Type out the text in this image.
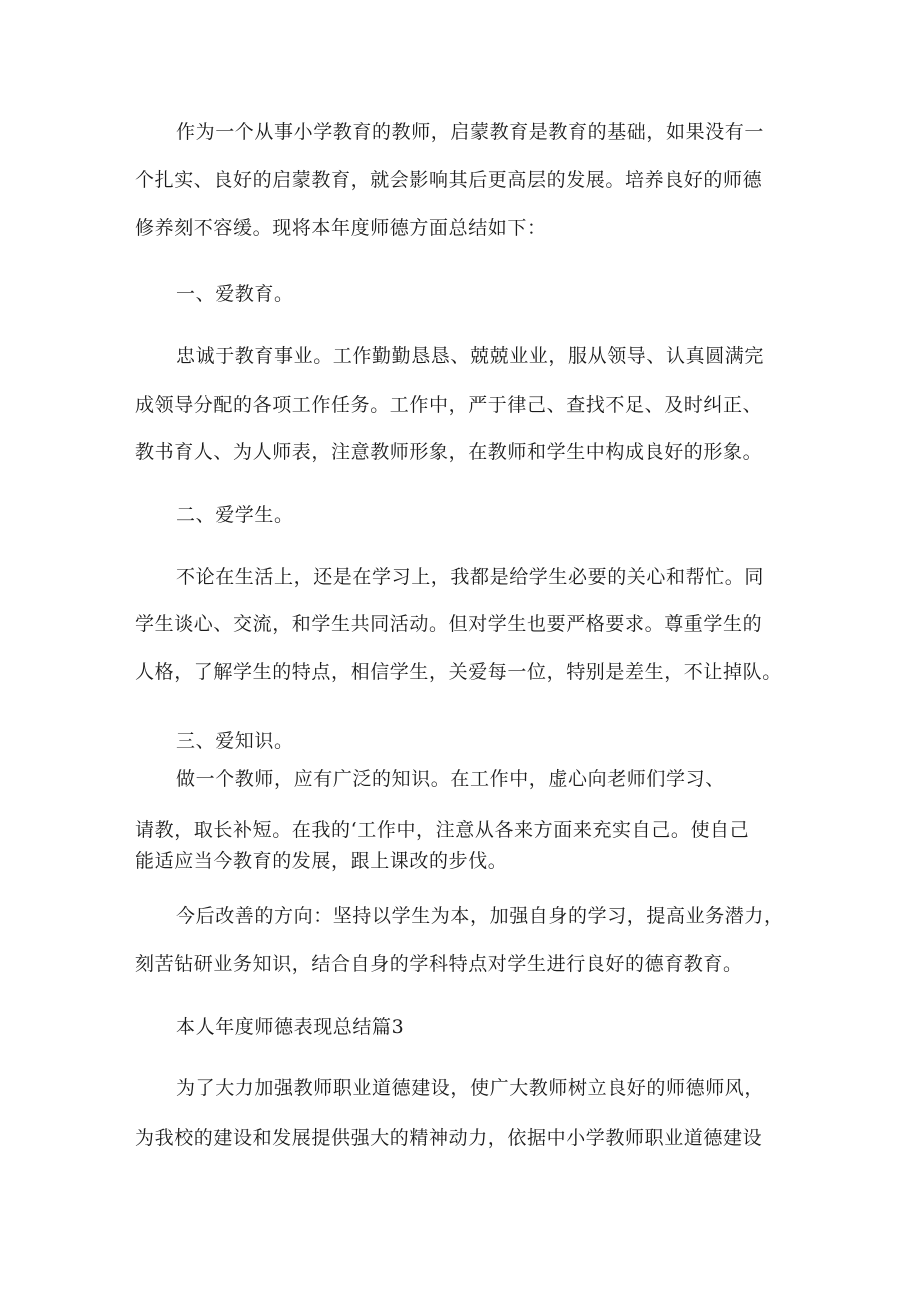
作为一个从事小学教育的教师，启蒙教育是教育的基础，如果没有一
个扎实、良好的启蒙教育，就会影响其后更高层的发展。培养良好的师德
修养刻不容缓。现将本年度师德方面总结如下：
一、爱教育。
忠诚于教育事业。工作勤勤恳恳、兢兢业业，服从领导、认真圆满完
成领导分配的各项工作任务。工作中，严于律己、查找不足、及时纠正、
教书育人、为人师表，注意教师形象，在教师和学生中构成良好的形象。
二、爱学生。
不论在生活上，还是在学习上，我都是给学生必要的关心和帮忙。同
学生谈心、交流，和学生共同活动。但对学生也要严格要求。尊重学生的
人格，了解学生的特点，相信学生，关爱每一位，特别是差生，不让掉队。
三、爱知识。
做一个教师，应有广泛的知识。在工作中，虚心向老师们学习、
请教，取长补短。在我的‘工作中，注意从各来方面来充实自己。使自己
能适应当今教育的发展，跟上课改的步伐。
今后改善的方向：坚持以学生为本，加强自身的学习，提高业务潜力，
刻苦钻研业务知识，结合自身的学科特点对学生进行良好的德育教育。
本人年度师德表现总结篇3
为了大力加强教师职业道德建设，使广大教师树立良好的师德师风，
为我校的建设和发展提供强大的精神动力，依据中小学教师职业道德建设
